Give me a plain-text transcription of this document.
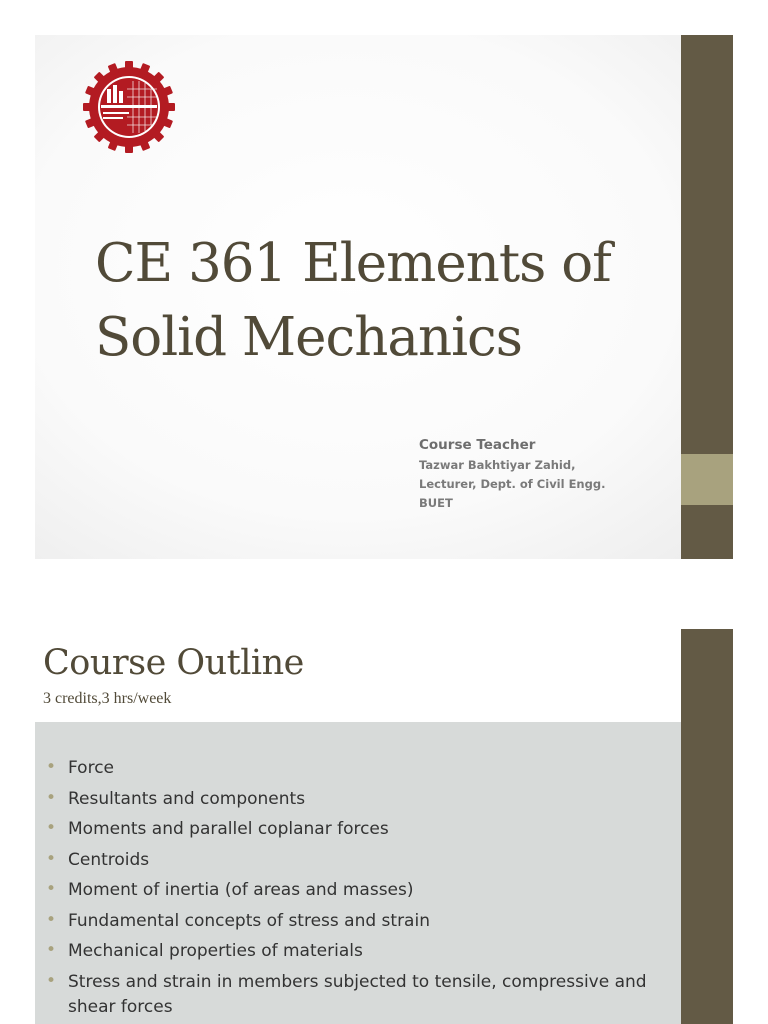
CE 361 Elements of
Solid Mechanics
Course Teacher
Tazwar Bakhtiyar Zahid,
Lecturer, Dept. of Civil Engg.
BUET
Course Outline
3 credits,3 hrs/week
• Force
• Resultants and components
• Moments and parallel coplanar forces
• Centroids
• Moment of inertia (of areas and masses)
• Fundamental concepts of stress and strain
• Mechanical properties of materials
• Stress and strain in members subjected to tensile, compressive and shear forces
